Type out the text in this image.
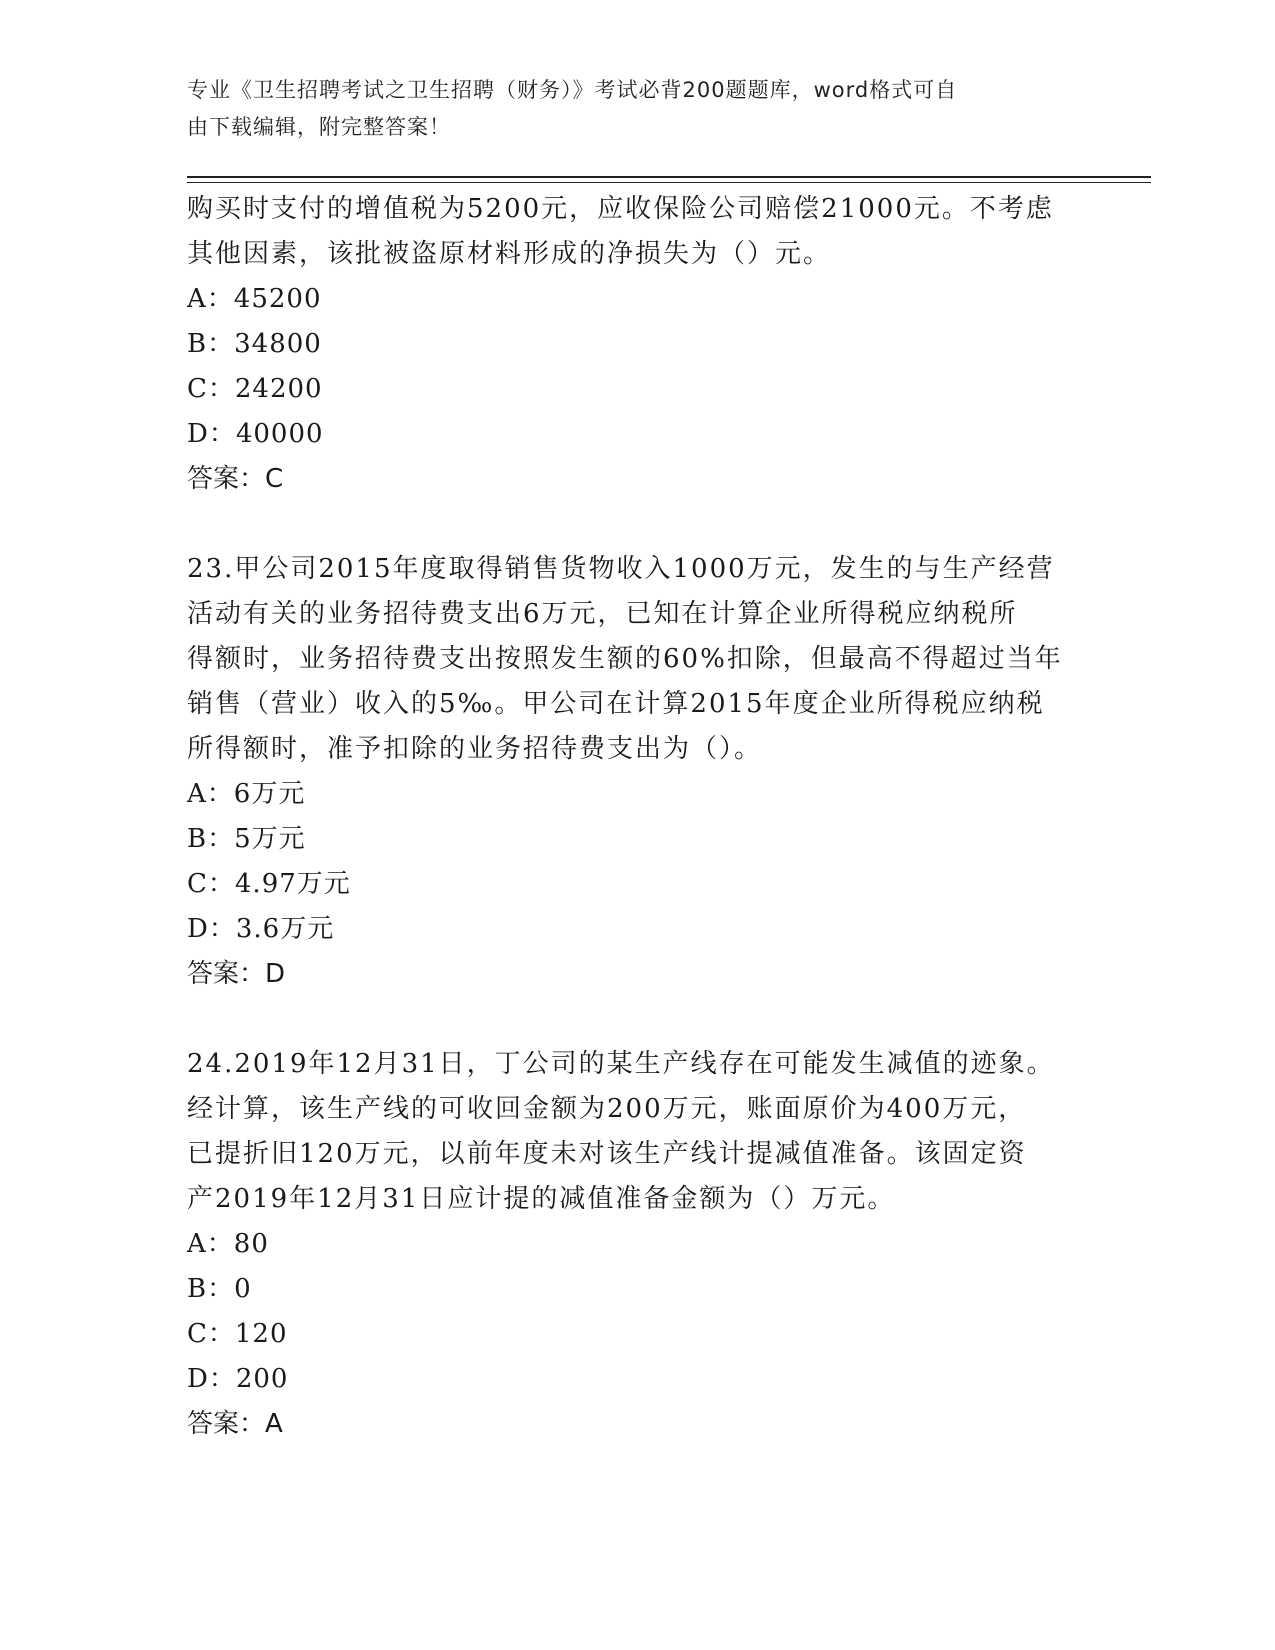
专业《卫生招聘考试之卫生招聘（财务）》考试必背200题题库，word格式可自
由下载编辑，附完整答案！
购买时支付的增值税为5200元，应收保险公司赔偿21000元。不考虑
其他因素，该批被盗原材料形成的净损失为（）元。
A：45200
B：34800
C：24200
D：40000
答案：C
23.甲公司2015年度取得销售货物收入1000万元，发生的与生产经营
活动有关的业务招待费支出6万元，已知在计算企业所得税应纳税所
得额时，业务招待费支出按照发生额的60%扣除，但最高不得超过当年
销售（营业）收入的5‰。甲公司在计算2015年度企业所得税应纳税
所得额时，准予扣除的业务招待费支出为（）。
A：6万元
B：5万元
C：4.97万元
D：3.6万元
答案：D
24.2019年12月31日，丁公司的某生产线存在可能发生减值的迹象。
经计算，该生产线的可收回金额为200万元，账面原价为400万元，
已提折旧120万元，以前年度未对该生产线计提减值准备。该固定资
产2019年12月31日应计提的减值准备金额为（）万元。
A：80
B：0
C：120
D：200
答案：A
